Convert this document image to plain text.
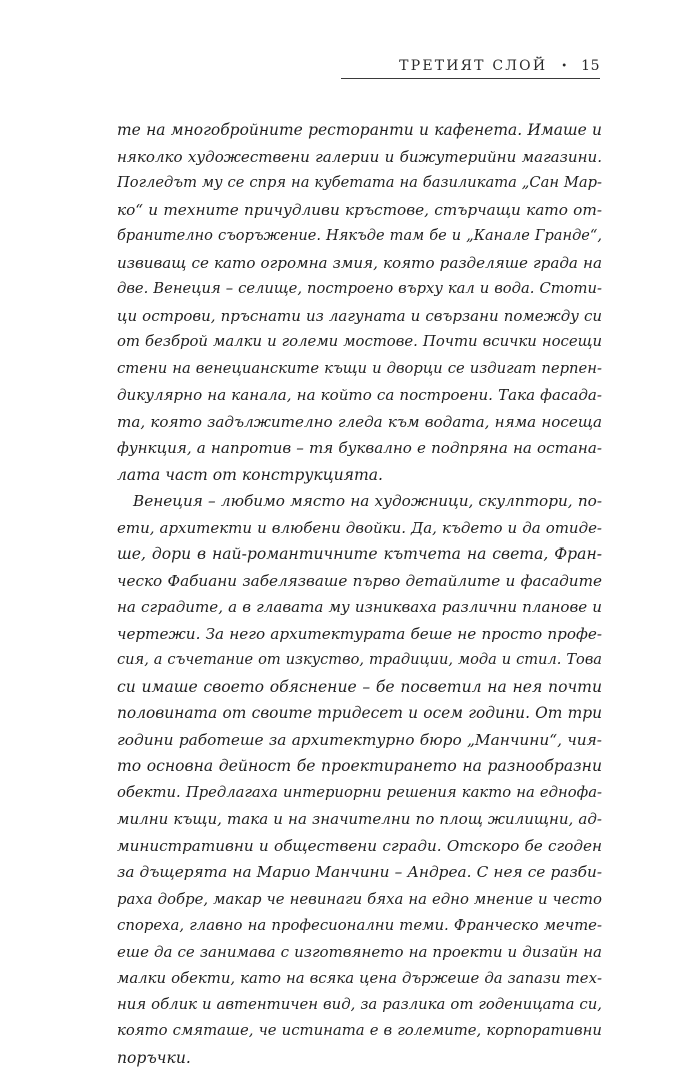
ТРЕТИЯТ СЛОЙ • 15
те на многобройните ресторанти и кафенета. Имаше и
няколко художествени галерии и бижутерийни магазини.
Погледът му се спря на кубетата на базиликата „Сан Мар-
ко“ и техните причудливи кръстове, стърчащи като от-
бранително съоръжение. Някъде там бе и „Канале Гранде“,
извиващ се като огромна змия, която разделяше града на
две. Венеция – селище, построено върху кал и вода. Стоти-
ци острови, пръснати из лагуната и свързани помежду си
от безброй малки и големи мостове. Почти всички носещи
стени на венецианските къщи и дворци се издигат перпен-
дикулярно на канала, на който са построени. Така фасада-
та, която задължително гледа към водата, няма носеща
функция, а напротив – тя буквално е подпряна на остана-
лата част от конструкцията.
Венеция – любимо място на художници, скулптори, по-
ети, архитекти и влюбени двойки. Да, където и да отиде-
ше, дори в най-романтичните кътчета на света, Фран-
ческо Фабиани забелязваше първо детайлите и фасадите
на сградите, а в главата му изникваха различни планове и
чертежи. За него архитектурата беше не просто профе-
сия, а съчетание от изкуство, традиции, мода и стил. Това
си имаше своето обяснение – бе посветил на нея почти
половината от своите тридесет и осем години. От три
години работеше за архитектурно бюро „Манчини“, чия-
то основна дейност бе проектирането на разнообразни
обекти. Предлагаха интериорни решения както на еднофа-
милни къщи, така и на значителни по площ жилищни, ад-
министративни и обществени сгради. Отскоро бе сгоден
за дъщерята на Марио Манчини – Андреа. С нея се разби-
раха добре, макар че невинаги бяха на едно мнение и често
спореха, главно на професионални теми. Франческо мечте-
еше да се занимава с изготвянето на проекти и дизайн на
малки обекти, като на всяка цена държеше да запази тех-
ния облик и автентичен вид, за разлика от годеницата си,
която смяташе, че истината е в големите, корпоративни
поръчки.
